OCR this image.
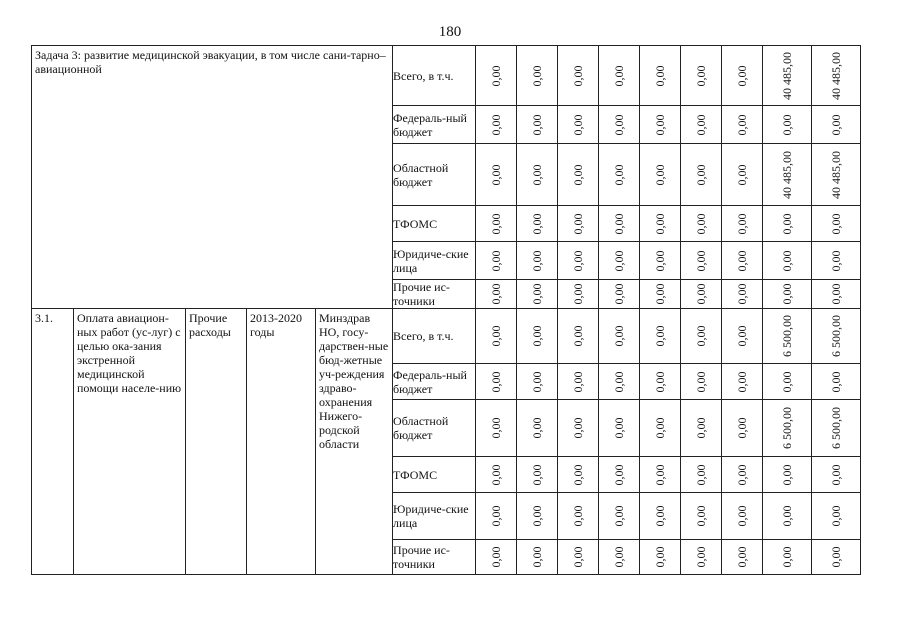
180
Задача 3: развитие медицинской эвакуации, в том числе сани-тарно–авиационной					Всего, в т.ч.	0,00	0,00	0,00	0,00	0,00	0,00	0,00	40 485,00	40 485,00

					Федераль-ный бюджет	0,00	0,00	0,00	0,00	0,00	0,00	0,00	0,00	0,00

					Областной бюджет	0,00	0,00	0,00	0,00	0,00	0,00	0,00	40 485,00	40 485,00

					ТФОМС	0,00	0,00	0,00	0,00	0,00	0,00	0,00	0,00	0,00

					Юридиче-ские лица	0,00	0,00	0,00	0,00	0,00	0,00	0,00	0,00	0,00

					Прочие ис-точники	0,00	0,00	0,00	0,00	0,00	0,00	0,00	0,00	0,00

3.1.	Оплата авиацион-ных работ (ус-луг) с целью ока-зания экстренной медицинской помощи населе-нию	Прочие расходы	2013-2020 годы	Минздрав НО, госу-дарствен-ные бюд-жетные уч-реждения здраво-охранения Нижего-родской области	Всего, в т.ч.	0,00	0,00	0,00	0,00	0,00	0,00	0,00	6 500,00	6 500,00

					Федераль-ный бюджет	0,00	0,00	0,00	0,00	0,00	0,00	0,00	0,00	0,00

					Областной бюджет	0,00	0,00	0,00	0,00	0,00	0,00	0,00	6 500,00	6 500,00

					ТФОМС	0,00	0,00	0,00	0,00	0,00	0,00	0,00	0,00	0,00

					Юридиче-ские лица	0,00	0,00	0,00	0,00	0,00	0,00	0,00	0,00	0,00

					Прочие ис-точники	0,00	0,00	0,00	0,00	0,00	0,00	0,00	0,00	0,00
